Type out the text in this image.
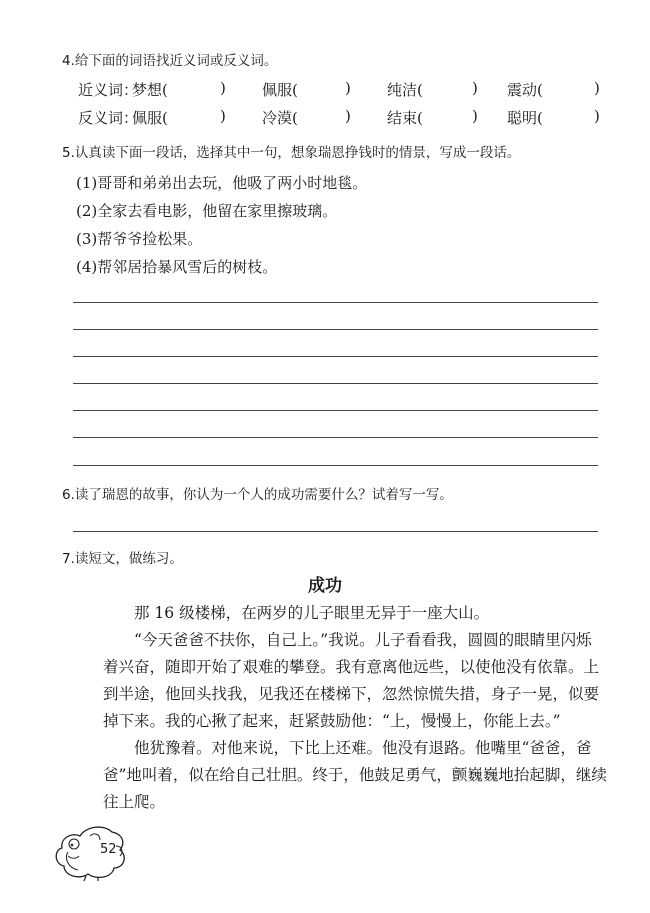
4.给下面的词语找近义词或反义词。
近义词：
梦想(	) 佩服(	) 纯洁(	) 震动(	)
反义词：
佩服(	) 冷漠(	) 结束(	) 聪明(	)
5.认真读下面一段话，选择其中一句，想象瑞恩挣钱时的情景，写成一段话。
(1)哥哥和弟弟出去玩，他吸了两小时地毯。
(2)全家去看电影，他留在家里擦玻璃。
(3)帮爷爷捡松果。
(4)帮邻居拾暴风雪后的树枝。
6.读了瑞恩的故事，你认为一个人的成功需要什么？试着写一写。
7.读短文，做练习。
成功

那 16 级楼梯，在两岁的儿子眼里无异于一座大山。

“今天爸爸不扶你，自己上。”我说。儿子看看我，圆圆的眼睛里闪烁

着兴奋，随即开始了艰难的攀登。我有意离他远些，以使他没有依靠。上

到半途，他回头找我，见我还在楼梯下，忽然惊慌失措，身子一晃，似要

掉下来。我的心揪了起来，赶紧鼓励他：“上，慢慢上，你能上去。”

他犹豫着。对他来说，下比上还难。他没有退路。他嘴里“爸爸，爸

爸”地叫着，似在给自己壮胆。终于，他鼓足勇气，颤巍巍地抬起脚，继续

往上爬。

52
